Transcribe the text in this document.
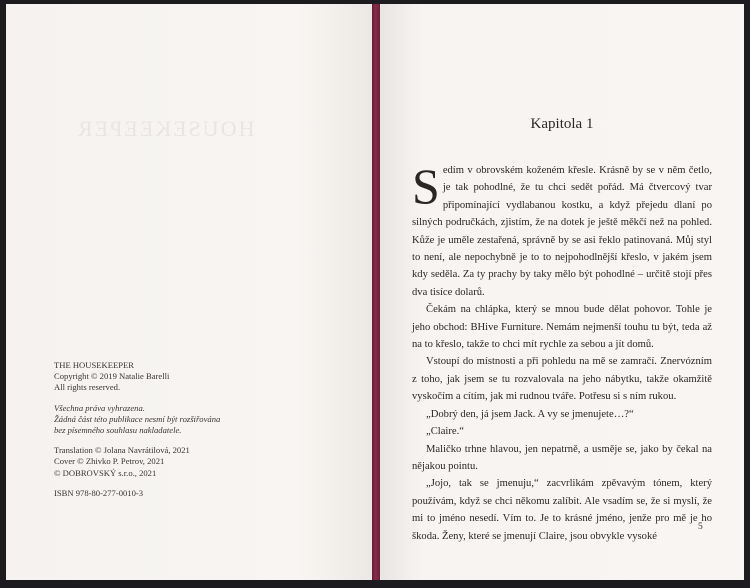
HOUSEKEEPER
THE HOUSEKEEPER
Copyright © 2019 Natalie Barelli
All rights reserved.
Všechna práva vyhrazena.
Žádná část této publikace nesmí být rozšiřována
bez písemného souhlasu nakladatele.
Translation © Jolana Navrátilová, 2021
Cover © Zhivko P. Petrov, 2021
© DOBROVSKÝ s.r.o., 2021
ISBN 978-80-277-0010-3
Kapitola 1

Sedím v obrovském koženém křesle. Krásně by se v něm četlo, je tak pohodlné, že tu chci sedět pořád. Má čtvercový tvar připomínající vydlabanou kostku, a když přejedu dlaní po silných područkách, zjistím, že na dotek je ještě měkčí než na pohled. Kůže je uměle zestařená, správně by se asi řeklo patinovaná. Můj styl to není, ale nepochybně je to to nejpohodlnější křeslo, v jakém jsem kdy seděla. Za ty prachy by taky mělo být pohodlné – určitě stojí přes dva tisíce dolarů.

Čekám na chlápka, který se mnou bude dělat pohovor. Tohle je jeho obchod: BHive Furniture. Nemám nejmenší touhu tu být, teda až na to křeslo, takže to chci mít rychle za sebou a jít domů.

Vstoupí do místnosti a při pohledu na mě se zamračí. Znervózním z toho, jak jsem se tu rozvalovala na jeho nábytku, takže okamžitě vyskočím a cítím, jak mi rudnou tváře. Potřesu si s ním rukou.

„Dobrý den, já jsem Jack. A vy se jmenujete…?“

„Claire.“

Maličko trhne hlavou, jen nepatrně, a usměje se, jako by čekal na nějakou pointu.

„Jojo, tak se jmenuju,“ zacvrlikám zpěvavým tónem, který používám, když se chci někomu zalíbit. Ale vsadím se, že si myslí, že mi to jméno nesedí. Vím to. Je to krásné jméno, jenže pro mě je ho škoda. Ženy, které se jmenují Claire, jsou obvykle vysoké

5
